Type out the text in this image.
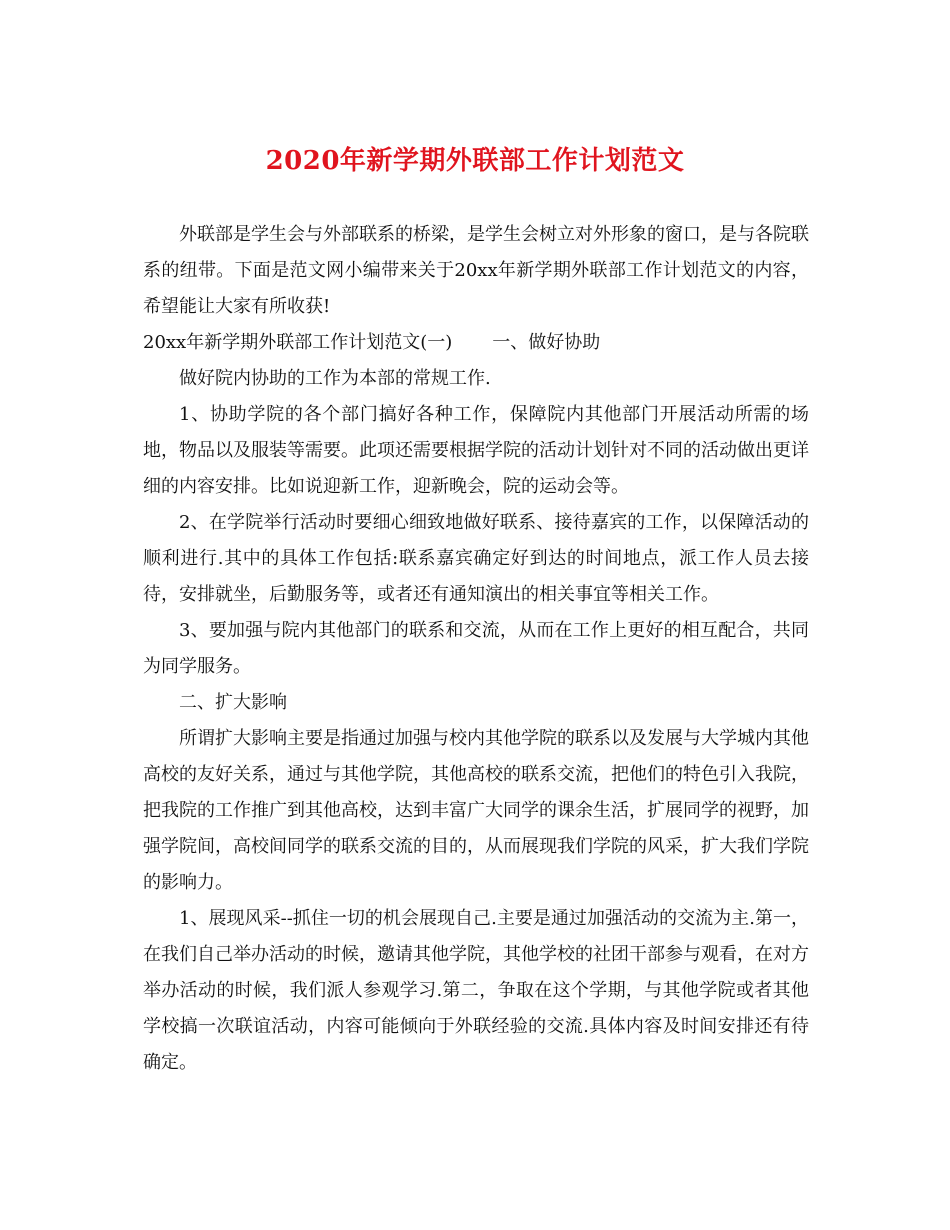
2020年新学期外联部工作计划范文

外联部是学生会与外部联系的桥梁，是学生会树立对外形象的窗口，是与各院联系的纽带。下面是范文网小编带来关于20xx年新学期外联部工作计划范文的内容，希望能让大家有所收获!

20xx年新学期外联部工作计划范文(一) 一、做好协助

做好院内协助的工作为本部的常规工作.

1、协助学院的各个部门搞好各种工作，保障院内其他部门开展活动所需的场地，物品以及服装等需要。此项还需要根据学院的活动计划针对不同的活动做出更详细的内容安排。比如说迎新工作，迎新晚会，院的运动会等。

2、在学院举行活动时要细心细致地做好联系、接待嘉宾的工作，以保障活动的顺利进行.其中的具体工作包括:联系嘉宾确定好到达的时间地点，派工作人员去接待，安排就坐，后勤服务等，或者还有通知演出的相关事宜等相关工作。

3、要加强与院内其他部门的联系和交流，从而在工作上更好的相互配合，共同为同学服务。

二、扩大影响

所谓扩大影响主要是指通过加强与校内其他学院的联系以及发展与大学城内其他高校的友好关系，通过与其他学院，其他高校的联系交流，把他们的特色引入我院，把我院的工作推广到其他高校，达到丰富广大同学的课余生活，扩展同学的视野，加强学院间，高校间同学的联系交流的目的，从而展现我们学院的风采，扩大我们学院的影响力。

1、展现风采--抓住一切的机会展现自己.主要是通过加强活动的交流为主.第一，在我们自己举办活动的时候，邀请其他学院，其他学校的社团干部参与观看，在对方举办活动的时候，我们派人参观学习.第二，争取在这个学期，与其他学院或者其他学校搞一次联谊活动，内容可能倾向于外联经验的交流.具体内容及时间安排还有待确定。
